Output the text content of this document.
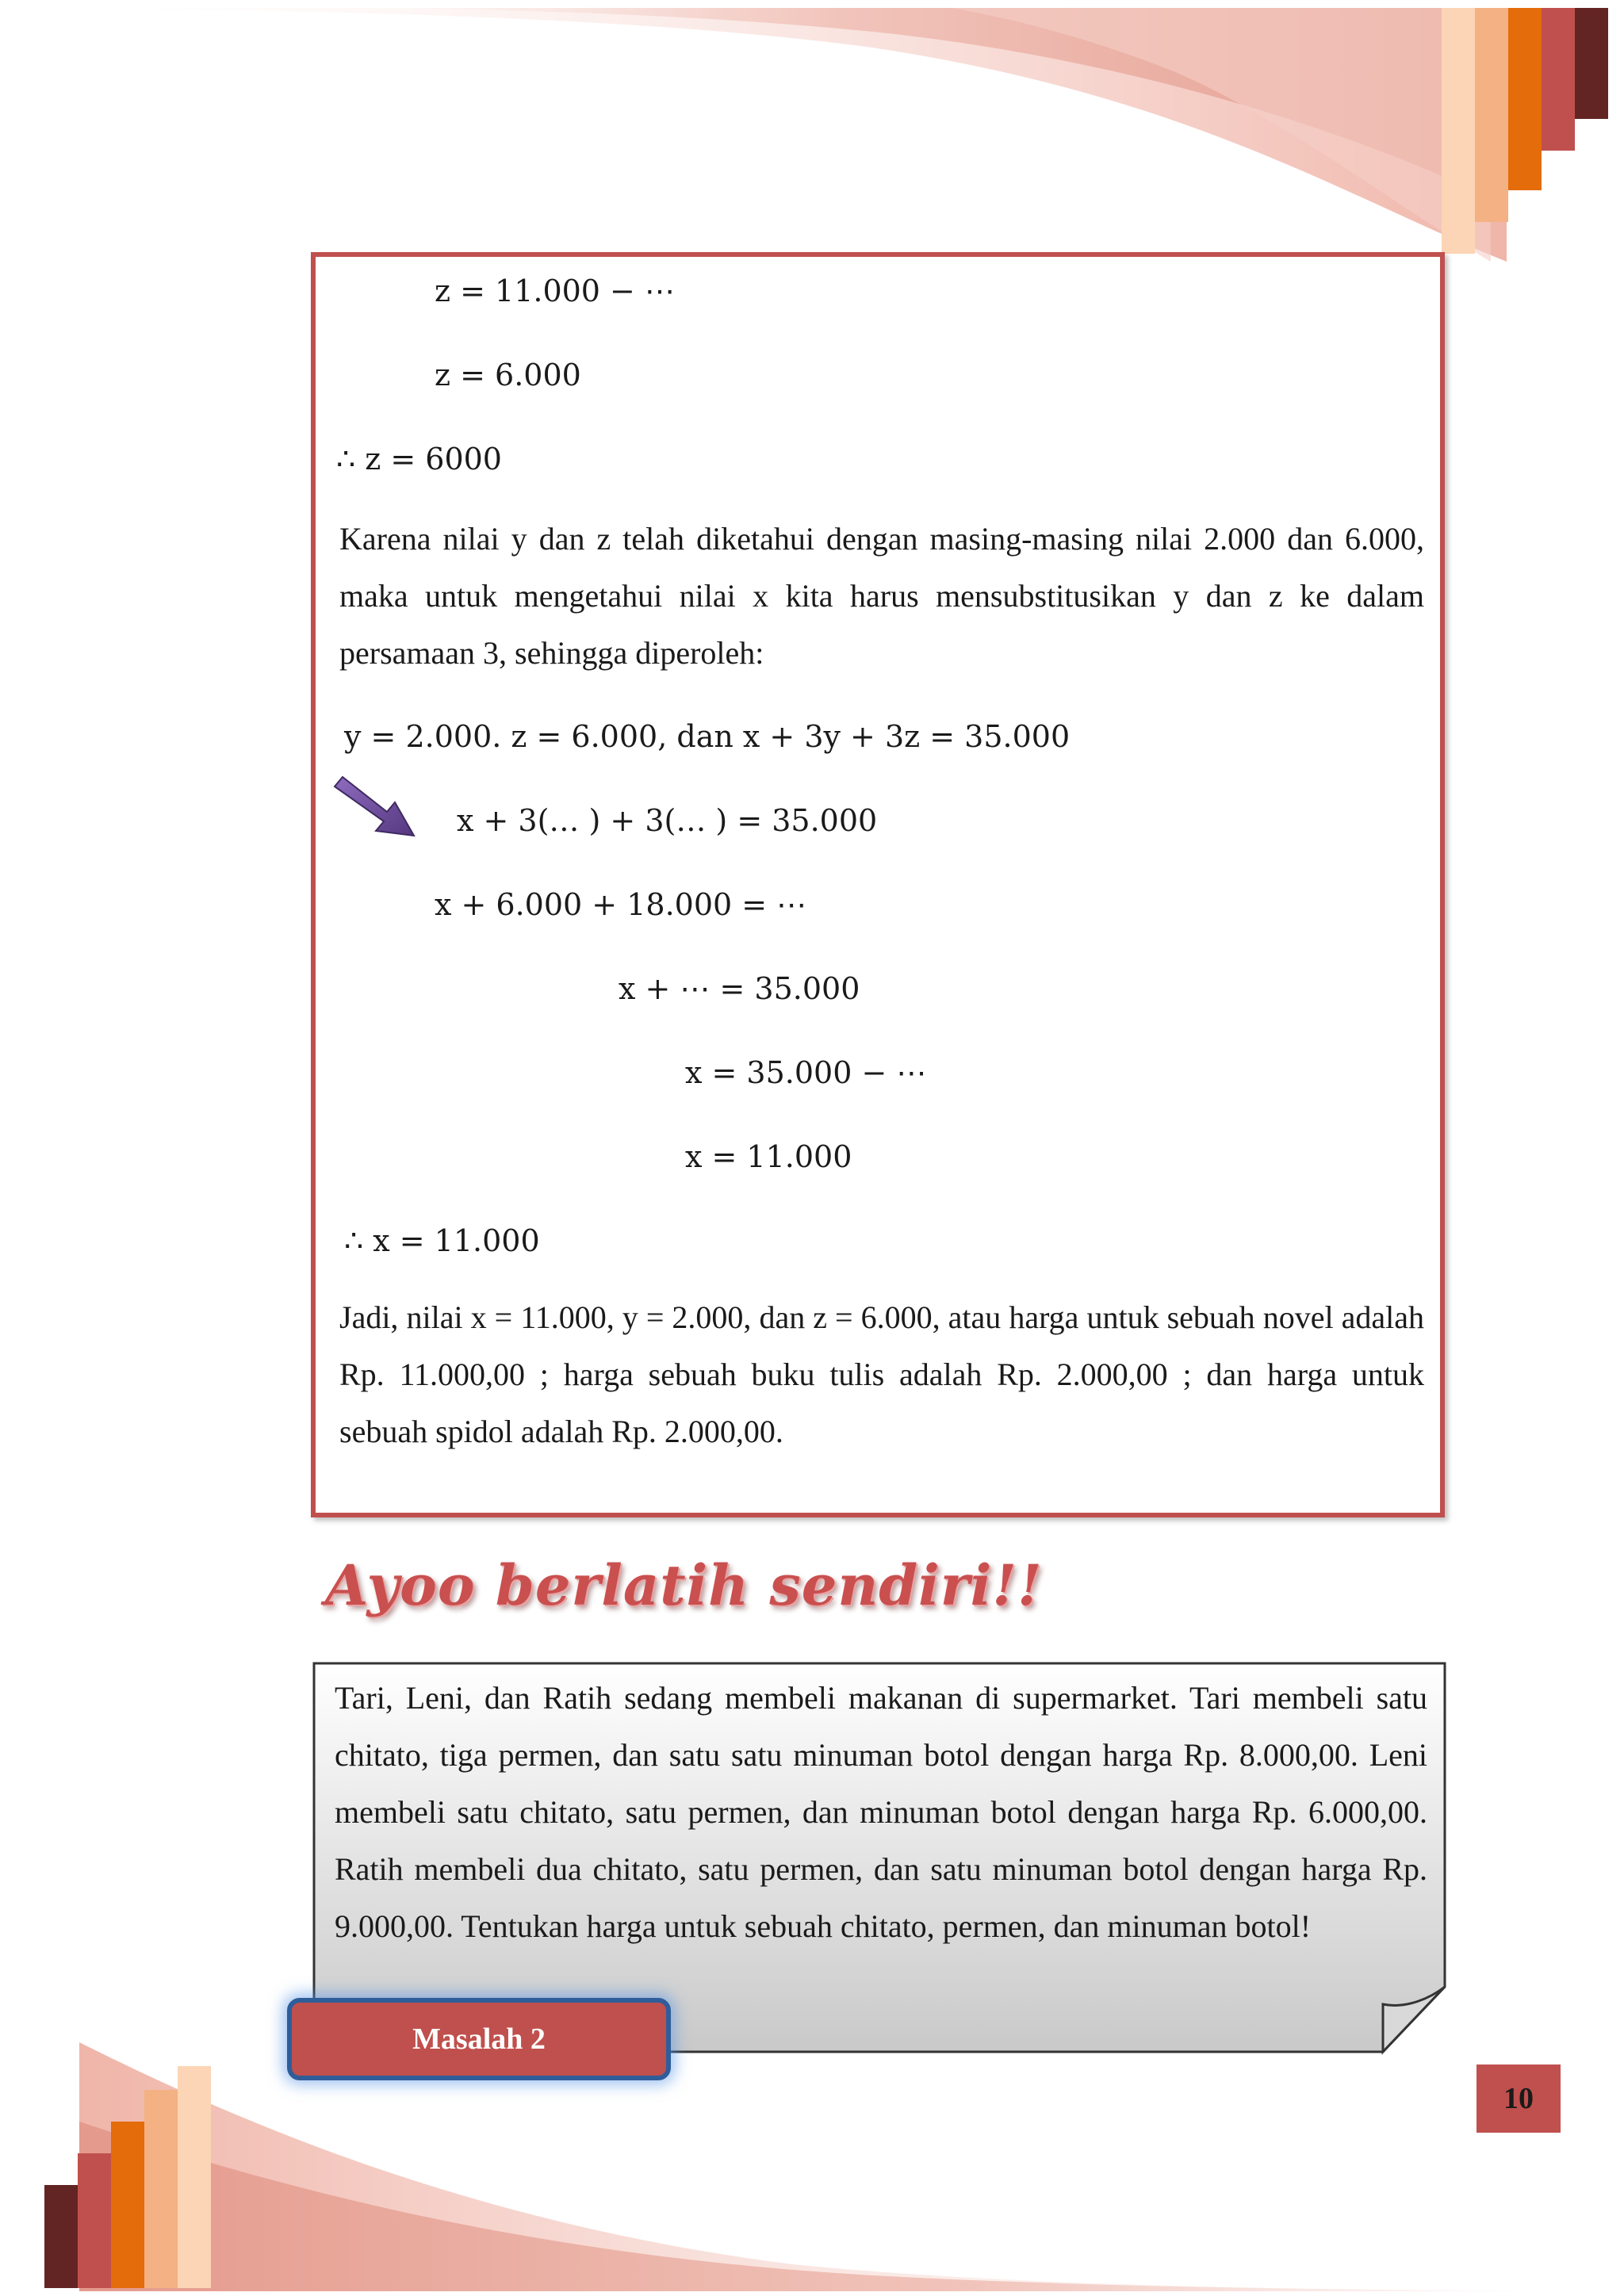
z = 11.000 − ⋯
z = 6.000
∴ z = 6000
Karena nilai y dan z telah diketahui dengan masing-masing nilai 2.000 dan 6.000, maka untuk mengetahui nilai x kita harus mensubstitusikan y dan z ke dalam persamaan 3, sehingga diperoleh:
y = 2.000. z = 6.000, dan x + 3y + 3z = 35.000
x + 3(… ) + 3(… ) = 35.000
x + 6.000 + 18.000 = ⋯
x + ⋯ = 35.000
x = 35.000 − ⋯
x = 11.000
∴ x = 11.000
Jadi, nilai x = 11.000, y = 2.000, dan z = 6.000, atau harga untuk sebuah novel adalah Rp. 11.000,00 ; harga sebuah buku tulis adalah Rp. 2.000,00 ; dan harga untuk sebuah spidol adalah Rp. 2.000,00.
Ayoo berlatih sendiri!!
Tari, Leni, dan Ratih sedang membeli makanan di supermarket. Tari membeli satu chitato, tiga permen, dan satu satu minuman botol dengan harga Rp. 8.000,00. Leni membeli satu chitato, satu permen, dan minuman botol dengan harga Rp. 6.000,00. Ratih membeli dua chitato, satu permen, dan satu minuman botol dengan harga Rp. 9.000,00. Tentukan harga untuk sebuah chitato, permen, dan minuman botol!
Masalah 2
10
